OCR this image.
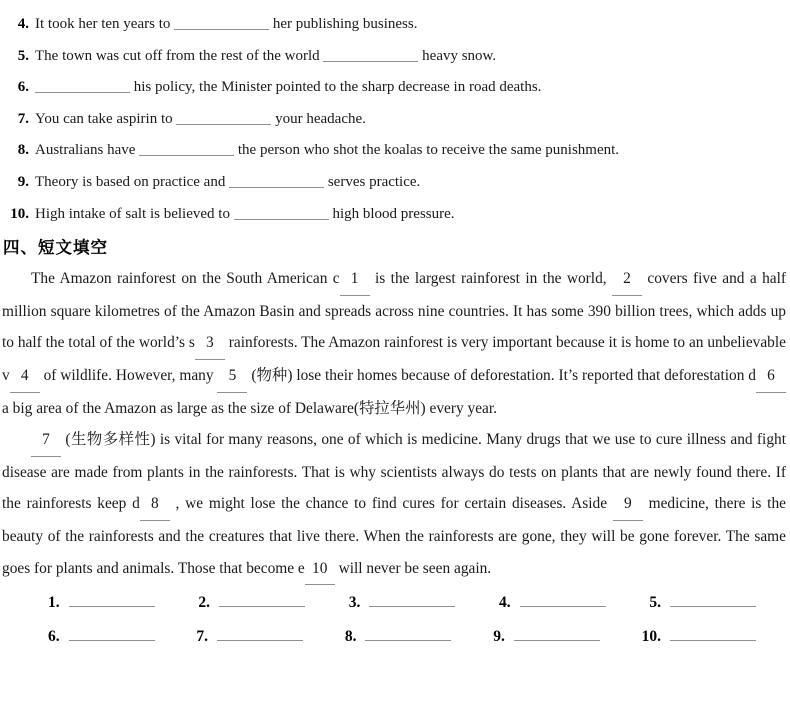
4. It took her ten years to	her publishing business.
5. The town was cut off from the rest of the world	heavy snow.
6.	his policy, the Minister pointed to the sharp decrease in road deaths.
7. You can take aspirin to	your headache.
8. Australians have	the person who shot the koalas to receive the same punishment.
9. Theory is based on practice and	serves practice.
10. High intake of salt is believed to	high blood pressure.
四、短文填空

The Amazon rainforest on the South American c 1 is the largest rainforest in the world, 2 covers five and a half million square kilometres of the Amazon Basin and spreads across nine countries. It has some 390 billion trees, which adds up to half the total of the world’s s 3 rainforests. The Amazon rainforest is very important because it is home to an unbelievable v 4 of wildlife. However, many 5 (物种) lose their homes because of deforestation. It’s reported that deforestation d 6 a big area of the Amazon as large as the size of Delaware(特拉华州) every year.

7 (生物多样性) is vital for many reasons, one of which is medicine. Many drugs that we use to cure illness and fight disease are made from plants in the rainforests. That is why scientists always do tests on plants that are newly found there. If the rainforests keep d 8 , we might lose the chance to find cures for certain diseases. Aside 9 medicine, there is the beauty of the rainforests and the creatures that live there. When the rainforests are gone, they will be gone forever. The same goes for plants and animals. Those that become e 10 will never be seen again.

1.	2.	3.	4.	5.
6.	7.	8.	9.	10.
